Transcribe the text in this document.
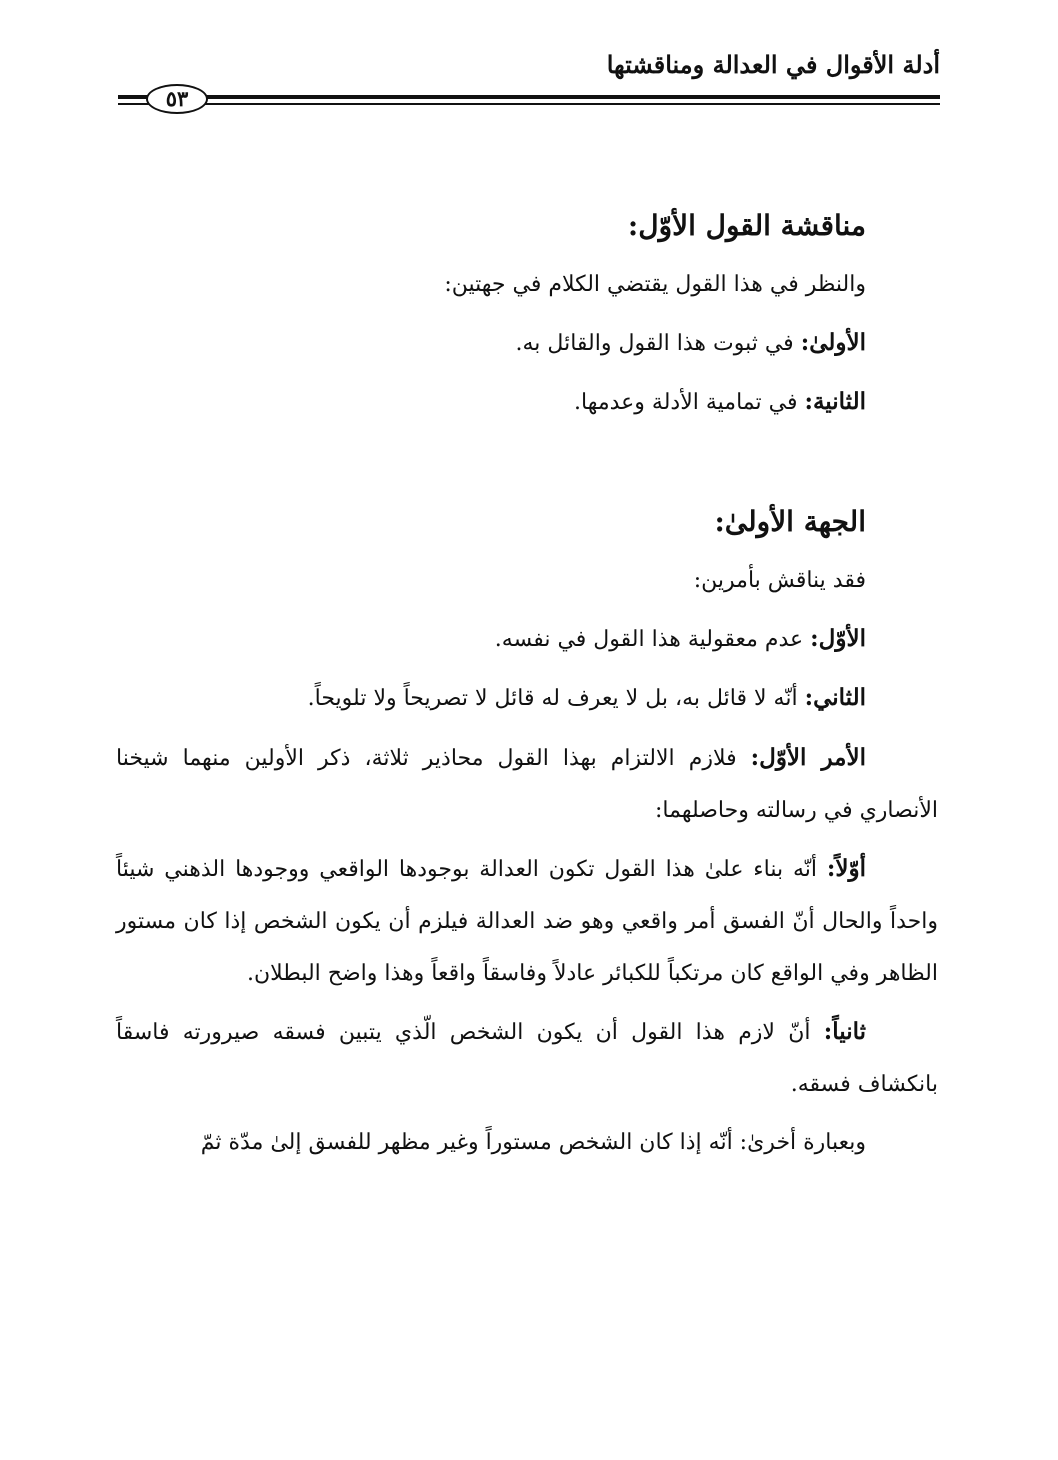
أدلة الأقوال في العدالة ومناقشتها
٥٣
مناقشة القول الأوّل:
والنظر في هذا القول يقتضي الكلام في جهتين:
الأولىٰ: في ثبوت هذا القول والقائل به.
الثانية: في تمامية الأدلة وعدمها.
الجهة الأولىٰ:
فقد يناقش بأمرين:
الأوّل: عدم معقولية هذا القول في نفسه.
الثاني: أنّه لا قائل به، بل لا يعرف له قائل لا تصريحاً ولا تلويحاً.

الأمر الأوّل: فلازم الالتزام بهذا القول محاذير ثلاثة، ذكر الأولين منهما شيخنا الأنصاري في رسالته وحاصلهما:

أوّلاً: أنّه بناء علىٰ هذا القول تكون العدالة بوجودها الواقعي ووجودها الذهني شيئاً واحداً والحال أنّ الفسق أمر واقعي وهو ضد العدالة فيلزم أن يكون الشخص إذا كان مستور الظاهر وفي الواقع كان مرتكباً للكبائر عادلاً وفاسقاً واقعاً وهذا واضح البطلان.

ثانياً: أنّ لازم هذا القول أن يكون الشخص الّذي يتبين فسقه صيرورته فاسقاً بانكشاف فسقه.

وبعبارة أخرىٰ: أنّه إذا كان الشخص مستوراً وغير مظهر للفسق إلىٰ مدّة ثمّ
